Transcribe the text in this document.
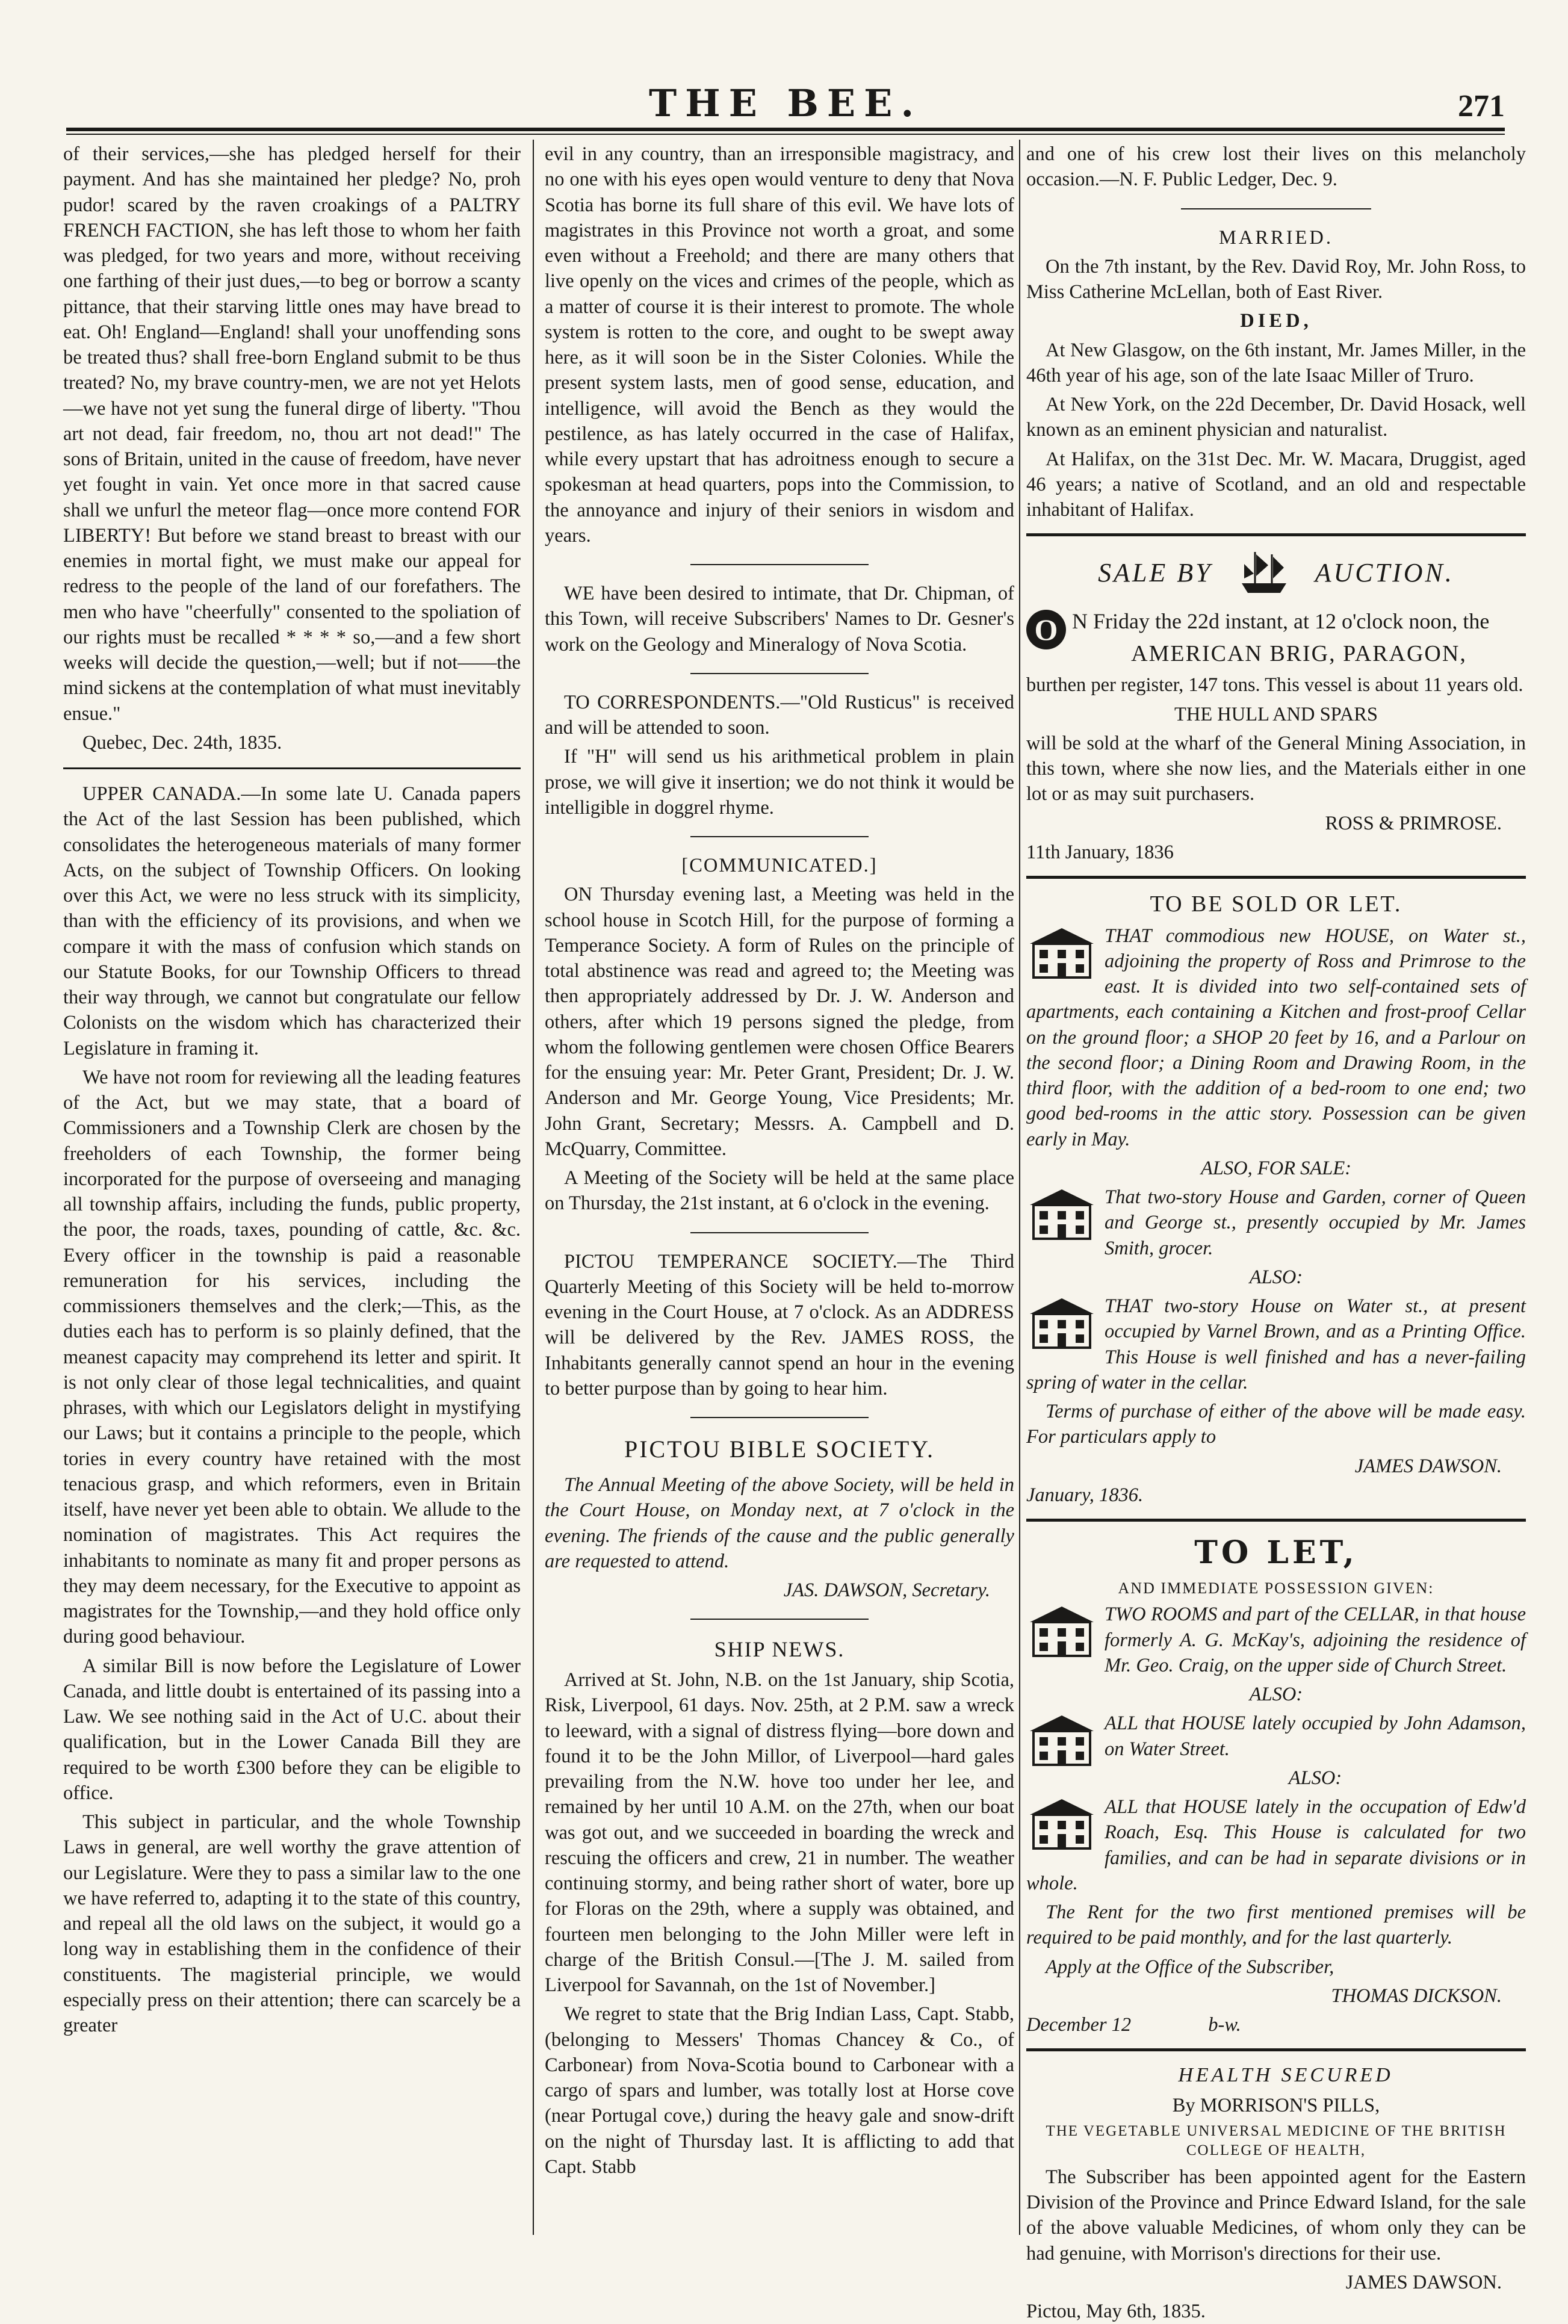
THE BEE.	271

of their services,—she has pledged herself for their payment. And has she maintained her pledge? No, proh pudor! scared by the raven croakings of a PALTRY FRENCH FACTION, she has left those to whom her faith was pledged, for two years and more, without receiving one farthing of their just dues,—to beg or borrow a scanty pittance, that their starving little ones may have bread to eat. Oh! England—England! shall your unoffending sons be treated thus? shall free-born England submit to be thus treated? No, my brave country-men, we are not yet Helots—we have not yet sung the funeral dirge of liberty. "Thou art not dead, fair freedom, no, thou art not dead!" The sons of Britain, united in the cause of freedom, have never yet fought in vain. Yet once more in that sacred cause shall we unfurl the meteor flag—once more contend FOR LIBERTY! But before we stand breast to breast with our enemies in mortal fight, we must make our appeal for redress to the people of the land of our forefathers. The men who have "cheerfully" consented to the spoliation of our rights must be recalled * * * * so,—and a few short weeks will decide the question,—well; but if not——the mind sickens at the contemplation of what must inevitably ensue."

Quebec, Dec. 24th, 1835.

UPPER CANADA.—In some late U. Canada papers the Act of the last Session has been published, which consolidates the heterogeneous materials of many former Acts, on the subject of Township Officers. On looking over this Act, we were no less struck with its simplicity, than with the efficiency of its provisions, and when we compare it with the mass of confusion which stands on our Statute Books, for our Township Officers to thread their way through, we cannot but congratulate our fellow Colonists on the wisdom which has characterized their Legislature in framing it.

We have not room for reviewing all the leading features of the Act, but we may state, that a board of Commissioners and a Township Clerk are chosen by the freeholders of each Township, the former being incorporated for the purpose of overseeing and managing all township affairs, including the funds, public property, the poor, the roads, taxes, pounding of cattle, &c. &c. Every officer in the township is paid a reasonable remuneration for his services, including the commissioners themselves and the clerk;—This, as the duties each has to perform is so plainly defined, that the meanest capacity may comprehend its letter and spirit. It is not only clear of those legal technicalities, and quaint phrases, with which our Legislators delight in mystifying our Laws; but it contains a principle to the people, which tories in every country have retained with the most tenacious grasp, and which reformers, even in Britain itself, have never yet been able to obtain. We allude to the nomination of magistrates. This Act requires the inhabitants to nominate as many fit and proper persons as they may deem necessary, for the Executive to appoint as magistrates for the Township,—and they hold office only during good behaviour.

A similar Bill is now before the Legislature of Lower Canada, and little doubt is entertained of its passing into a Law. We see nothing said in the Act of U.C. about their qualification, but in the Lower Canada Bill they are required to be worth £300 before they can be eligible to office.

This subject in particular, and the whole Township Laws in general, are well worthy the grave attention of our Legislature. Were they to pass a similar law to the one we have referred to, adapting it to the state of this country, and repeal all the old laws on the subject, it would go a long way in establishing them in the confidence of their constituents. The magisterial principle, we would especially press on their attention; there can scarcely be a greater

evil in any country, than an irresponsible magistracy, and no one with his eyes open would venture to deny that Nova Scotia has borne its full share of this evil. We have lots of magistrates in this Province not worth a groat, and some even without a Freehold; and there are many others that live openly on the vices and crimes of the people, which as a matter of course it is their interest to promote. The whole system is rotten to the core, and ought to be swept away here, as it will soon be in the Sister Colonies. While the present system lasts, men of good sense, education, and intelligence, will avoid the Bench as they would the pestilence, as has lately occurred in the case of Halifax, while every upstart that has adroitness enough to secure a spokesman at head quarters, pops into the Commission, to the annoyance and injury of their seniors in wisdom and years.

WE have been desired to intimate, that Dr. Chipman, of this Town, will receive Subscribers' Names to Dr. Gesner's work on the Geology and Mineralogy of Nova Scotia.

TO CORRESPONDENTS.—"Old Rusticus" is received and will be attended to soon.

If "H" will send us his arithmetical problem in plain prose, we will give it insertion; we do not think it would be intelligible in doggrel rhyme.

[COMMUNICATED.]

ON Thursday evening last, a Meeting was held in the school house in Scotch Hill, for the purpose of forming a Temperance Society. A form of Rules on the principle of total abstinence was read and agreed to; the Meeting was then appropriately addressed by Dr. J. W. Anderson and others, after which 19 persons signed the pledge, from whom the following gentlemen were chosen Office Bearers for the ensuing year: Mr. Peter Grant, President; Dr. J. W. Anderson and Mr. George Young, Vice Presidents; Mr. John Grant, Secretary; Messrs. A. Campbell and D. McQuarry, Committee.

A Meeting of the Society will be held at the same place on Thursday, the 21st instant, at 6 o'clock in the evening.

PICTOU TEMPERANCE SOCIETY.—The Third Quarterly Meeting of this Society will be held to-morrow evening in the Court House, at 7 o'clock. As an ADDRESS will be delivered by the Rev. JAMES ROSS, the Inhabitants generally cannot spend an hour in the evening to better purpose than by going to hear him.

PICTOU BIBLE SOCIETY.

The Annual Meeting of the above Society, will be held in the Court House, on Monday next, at 7 o'clock in the evening. The friends of the cause and the public generally are requested to attend.

JAS. DAWSON, Secretary.

SHIP NEWS.

Arrived at St. John, N.B. on the 1st January, ship Scotia, Risk, Liverpool, 61 days. Nov. 25th, at 2 P.M. saw a wreck to leeward, with a signal of distress flying—bore down and found it to be the John Millor, of Liverpool—hard gales prevailing from the N.W. hove too under her lee, and remained by her until 10 A.M. on the 27th, when our boat was got out, and we succeeded in boarding the wreck and rescuing the officers and crew, 21 in number. The weather continuing stormy, and being rather short of water, bore up for Floras on the 29th, where a supply was obtained, and fourteen men belonging to the John Miller were left in charge of the British Consul.—[The J. M. sailed from Liverpool for Savannah, on the 1st of November.]

We regret to state that the Brig Indian Lass, Capt. Stabb, (belonging to Messers' Thomas Chancey & Co., of Carbonear) from Nova-Scotia bound to Carbonear with a cargo of spars and lumber, was totally lost at Horse cove (near Portugal cove,) during the heavy gale and snow-drift on the night of Thursday last. It is afflicting to add that Capt. Stabb

and one of his crew lost their lives on this melancholy occasion.—N. F. Public Ledger, Dec. 9.

MARRIED.

On the 7th instant, by the Rev. David Roy, Mr. John Ross, to Miss Catherine McLellan, both of East River.

DIED,

At New Glasgow, on the 6th instant, Mr. James Miller, in the 46th year of his age, son of the late Isaac Miller of Truro.

At New York, on the 22d December, Dr. David Hosack, well known as an eminent physician and naturalist.

At Halifax, on the 31st Dec. Mr. W. Macara, Druggist, aged 46 years; a native of Scotland, and an old and respectable inhabitant of Halifax.

SALE BY	AUCTION.

O N Friday the 22d instant, at 12 o'clock noon, the

AMERICAN BRIG, PARAGON,

burthen per register, 147 tons. This vessel is about 11 years old.

THE HULL AND SPARS

will be sold at the wharf of the General Mining Association, in this town, where she now lies, and the Materials either in one lot or as may suit purchasers.

ROSS & PRIMROSE.

11th January, 1836

TO BE SOLD OR LET.

THAT commodious new HOUSE, on Water st., adjoining the property of Ross and Primrose to the east. It is divided into two self-contained sets of apartments, each containing a Kitchen and frost-proof Cellar on the ground floor; a SHOP 20 feet by 16, and a Parlour on the second floor; a Dining Room and Drawing Room, in the third floor, with the addition of a bed-room to one end; two good bed-rooms in the attic story. Possession can be given early in May.

ALSO, FOR SALE:

That two-story House and Garden, corner of Queen and George st., presently occupied by Mr. James Smith, grocer.

ALSO:

THAT two-story House on Water st., at present occupied by Varnel Brown, and as a Printing Office. This House is well finished and has a never-failing spring of water in the cellar.

Terms of purchase of either of the above will be made easy. For particulars apply to

JAMES DAWSON.

January, 1836.

TO LET,

AND IMMEDIATE POSSESSION GIVEN:

TWO ROOMS and part of the CELLAR, in that house formerly A. G. McKay's, adjoining the residence of Mr. Geo. Craig, on the upper side of Church Street.

ALSO:

ALL that HOUSE lately occupied by John Adamson, on Water Street.

ALSO:

ALL that HOUSE lately in the occupation of Edw'd Roach, Esq. This House is calculated for two families, and can be had in separate divisions or in whole.

The Rent for the two first mentioned premises will be required to be paid monthly, and for the last quarterly.

Apply at the Office of the Subscriber,

THOMAS DICKSON.

December 12	b-w.

HEALTH SECURED

By MORRISON'S PILLS,

THE VEGETABLE UNIVERSAL MEDICINE OF THE BRITISH COLLEGE OF HEALTH,

The Subscriber has been appointed agent for the Eastern Division of the Province and Prince Edward Island, for the sale of the above valuable Medicines, of whom only they can be had genuine, with Morrison's directions for their use.

JAMES DAWSON.

Pictou, May 6th, 1835.
